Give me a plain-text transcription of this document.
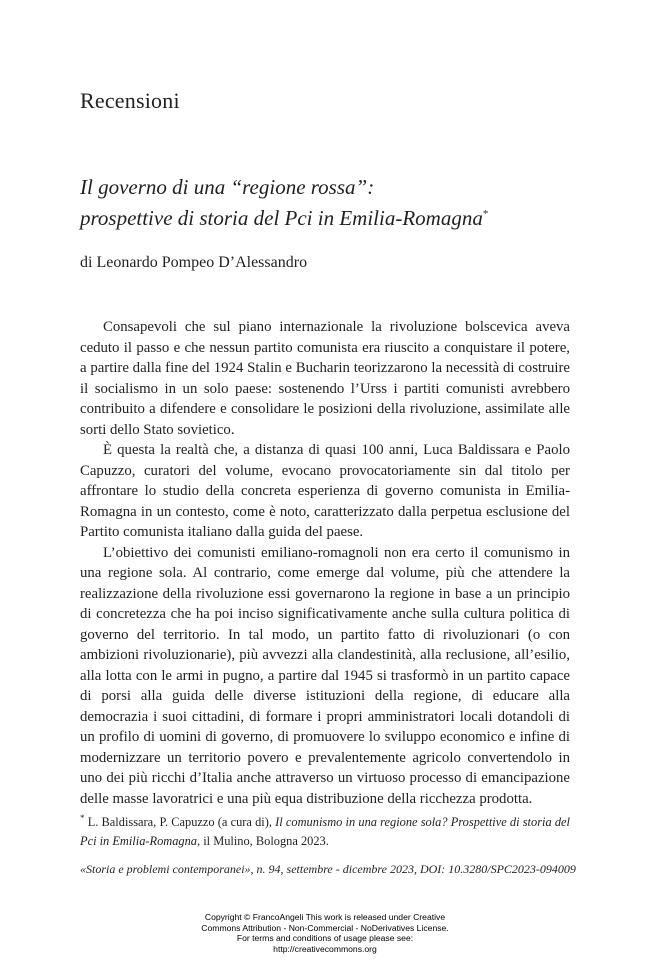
Recensioni
Il governo di una “regione rossa”:
prospettive di storia del Pci in Emilia-Romagna*
di Leonardo Pompeo D’Alessandro

Consapevoli che sul piano internazionale la rivoluzione bolscevica aveva ceduto il passo e che nessun partito comunista era riuscito a conquistare il potere, a partire dalla fine del 1924 Stalin e Bucharin teorizzarono la necessità di costruire il socialismo in un solo paese: sostenendo l’Urss i partiti comunisti avrebbero contribuito a difendere e consolidare le posizioni della rivoluzione, assimilate alle sorti dello Stato sovietico.

È questa la realtà che, a distanza di quasi 100 anni, Luca Baldissara e Paolo Capuzzo, curatori del volume, evocano provocatoriamente sin dal titolo per affrontare lo studio della concreta esperienza di governo comunista in Emilia-Romagna in un contesto, come è noto, caratterizzato dalla perpetua esclusione del Partito comunista italiano dalla guida del paese.

L’obiettivo dei comunisti emiliano-romagnoli non era certo il comunismo in una regione sola. Al contrario, come emerge dal volume, più che attendere la realizzazione della rivoluzione essi governarono la regione in base a un principio di concretezza che ha poi inciso significativamente anche sulla cultura politica di governo del territorio. In tal modo, un partito fatto di rivoluzionari (o con ambizioni rivoluzionarie), più avvezzi alla clandestinità, alla reclusione, all’esilio, alla lotta con le armi in pugno, a partire dal 1945 si trasformò in un partito capace di porsi alla guida delle diverse istituzioni della regione, di educare alla democrazia i suoi cittadini, di formare i propri amministratori locali dotandoli di un profilo di uomini di governo, di promuovere lo sviluppo economico e infine di modernizzare un territorio povero e prevalentemente agricolo convertendolo in uno dei più ricchi d’Italia anche attraverso un virtuoso processo di emancipazione delle masse lavoratrici e una più equa distribuzione della ricchezza prodotta.

* L. Baldissara, P. Capuzzo (a cura di), Il comunismo in una regione sola? Prospettive di storia del Pci in Emilia-Romagna, il Mulino, Bologna 2023.
«Storia e problemi contemporanei», n. 94, settembre - dicembre 2023, DOI: 10.3280/SPC2023-094009
Copyright © FrancoAngeli This work is released under Creative
Commons Attribution - Non-Commercial - NoDerivatives License.
For terms and conditions of usage please see:
http://creativecommons.org
